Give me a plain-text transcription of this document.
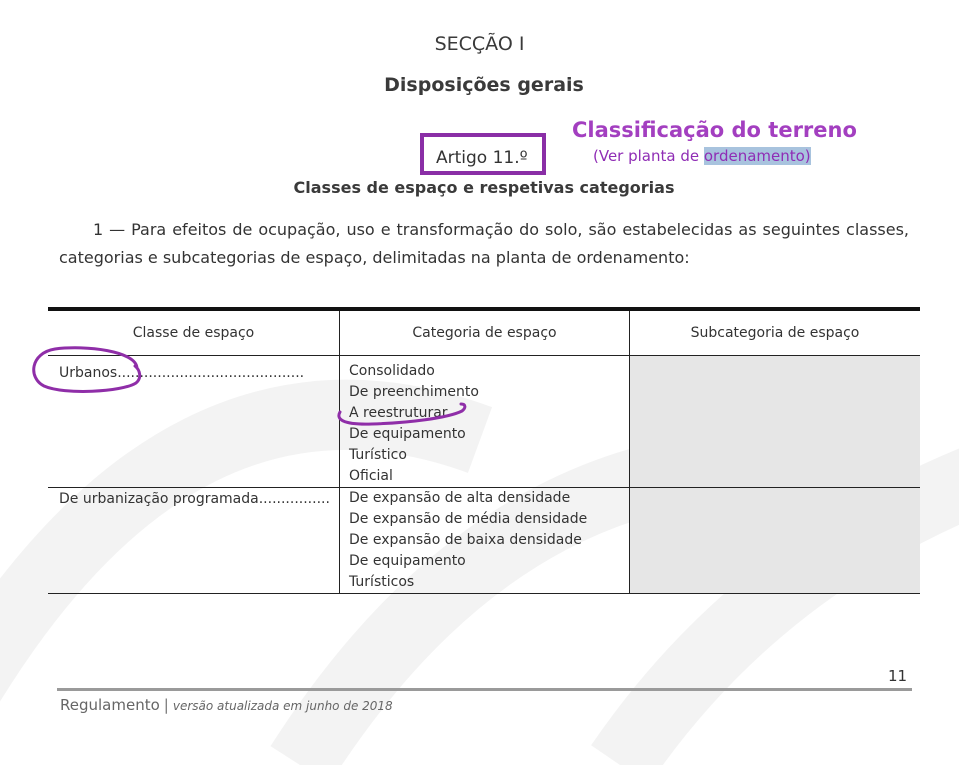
SECÇÃO I
Disposições gerais
Artigo 11.º
Classificação do terreno
(Ver planta de ordenamento)
Classes de espaço e respetivas categorias
1 — Para efeitos de ocupação, uso e transformação do solo, são estabelecidas as seguintes classes, categorias e subcategorias de espaço, delimitadas na planta de ordenamento:
Classe de espaço	Categoria de espaço	Subcategoria de espaço
Urbanos..........................................	Consolidado
De preenchimento
A reestruturar
De equipamento
Turístico
Oficial
De urbanização programada................ De expansão de alta densidade
De expansão de média densidade
De expansão de baixa densidade
De equipamento
Turísticos
11
Regulamento | versão atualizada em junho de 2018
